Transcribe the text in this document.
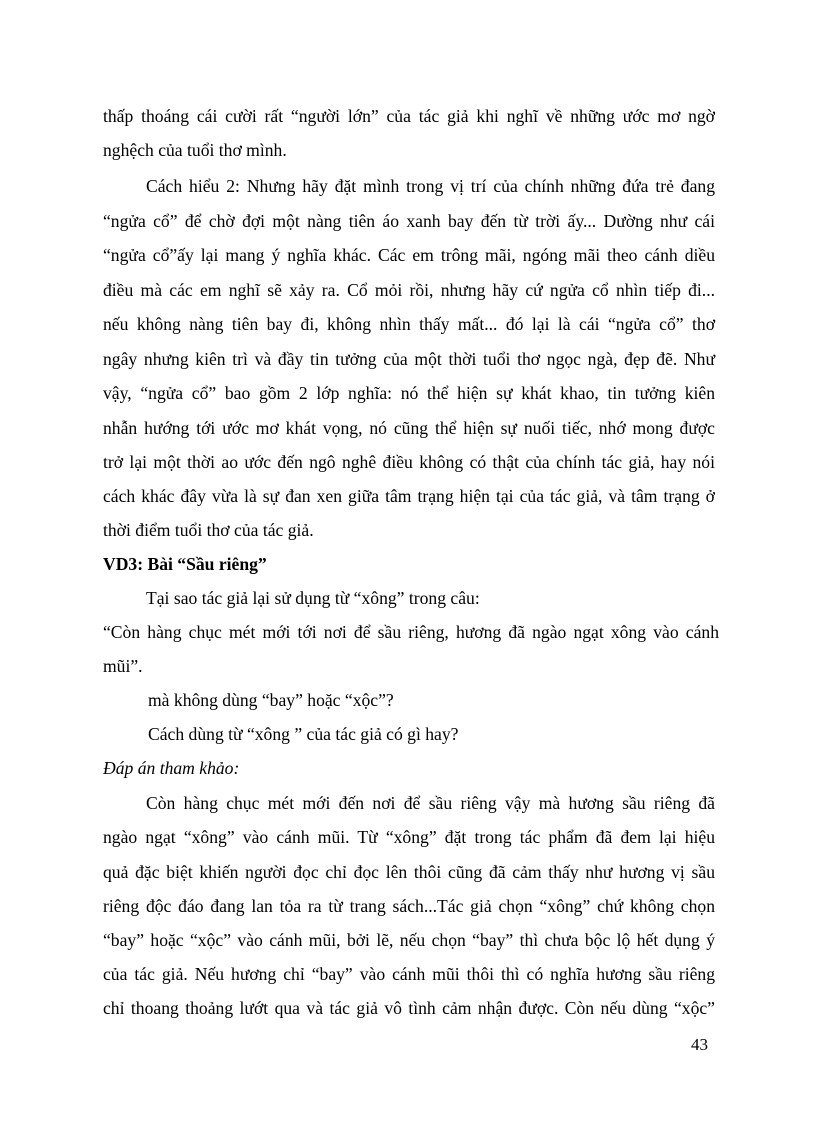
thấp thoáng cái cười rất “người lớn” của tác giả khi nghĩ về những ước mơ ngờ
nghệch của tuổi thơ mình.
Cách hiểu 2: Nhưng hãy đặt mình trong vị trí của chính những đứa trẻ đang
“ngửa cổ” để chờ đợi một nàng tiên áo xanh bay đến từ trời ấy... Dường như cái
“ngửa cổ”ấy lại mang ý nghĩa khác. Các em trông mãi, ngóng mãi theo cánh diều
điều mà các em nghĩ sẽ xảy ra. Cổ mỏi rồi, nhưng hãy cứ ngửa cổ nhìn tiếp đi...
nếu không nàng tiên bay đi, không nhìn thấy mất... đó lại là cái “ngửa cổ” thơ
ngây nhưng kiên trì và đầy tin tưởng của một thời tuổi thơ ngọc ngà, đẹp đẽ. Như
vậy, “ngửa cổ” bao gồm 2 lớp nghĩa: nó thể hiện sự khát khao, tin tưởng kiên
nhẫn hướng tới ước mơ khát vọng, nó cũng thể hiện sự nuối tiếc, nhớ mong được
trở lại một thời ao ước đến ngô nghê điều không có thật của chính tác giả, hay nói
cách khác đây vừa là sự đan xen giữa tâm trạng hiện tại của tác giả, và tâm trạng ở
thời điểm tuổi thơ của tác giả.
VD3: Bài “Sầu riêng”
Tại sao tác giả lại sử dụng từ “xông” trong câu:
“Còn hàng chục mét mới tới nơi để sầu riêng, hương đã ngào ngạt xông vào cánh
mũi”.
mà không dùng “bay” hoặc “xộc”?
Cách dùng từ “xông ” của tác giả có gì hay?
Đáp án tham khảo:
Còn hàng chục mét mới đến nơi để sầu riêng vậy mà hương sầu riêng đã
ngào ngạt “xông” vào cánh mũi. Từ “xông” đặt trong tác phẩm đã đem lại hiệu
quả đặc biệt khiến người đọc chỉ đọc lên thôi cũng đã cảm thấy như hương vị sầu
riêng độc đáo đang lan tỏa ra từ trang sách...Tác giả chọn “xông” chứ không chọn
“bay” hoặc “xộc” vào cánh mũi, bởi lẽ, nếu chọn “bay” thì chưa bộc lộ hết dụng ý
của tác giả. Nếu hương chỉ “bay” vào cánh mũi thôi thì có nghĩa hương sầu riêng
chỉ thoang thoảng lướt qua và tác giả vô tình cảm nhận được. Còn nếu dùng “xộc”
43
